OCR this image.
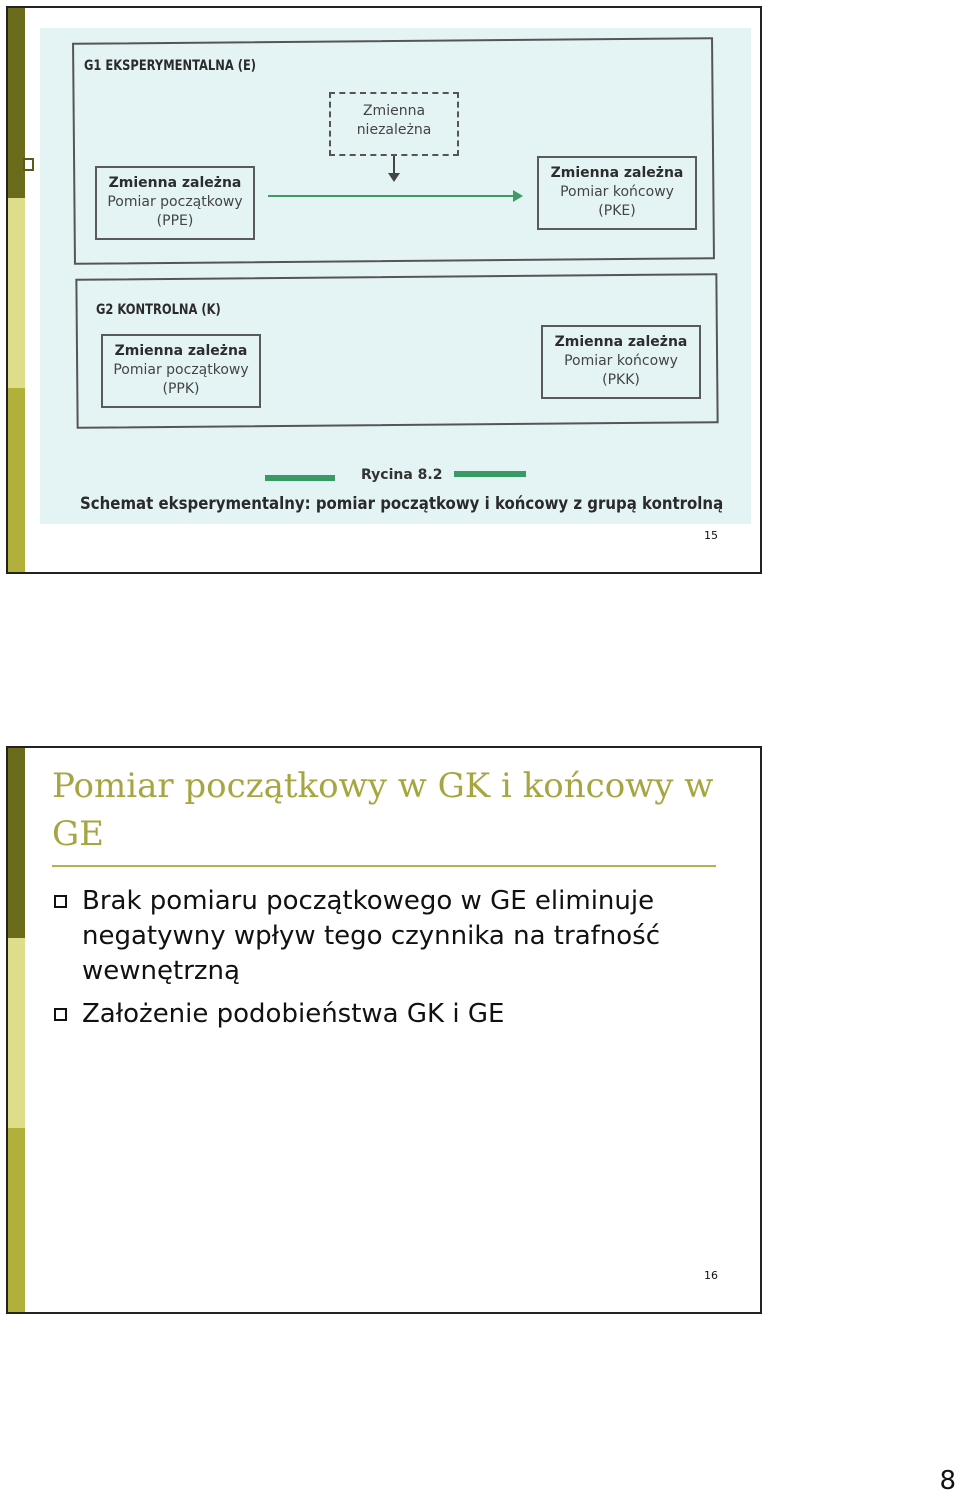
G1 EKSPERYMENTALNA (E)
Zmienna
niezależna
Zmienna zależna
Pomiar początkowy
(PPE)
Zmienna zależna
Pomiar końcowy
(PKE)
G2 KONTROLNA (K)
Zmienna zależna
Pomiar początkowy
(PPK)
Zmienna zależna
Pomiar końcowy
(PKK)
Rycina 8.2
Schemat eksperymentalny: pomiar początkowy i końcowy z grupą kontrolną
15
Pomiar początkowy w GK i końcowy w GE
Brak pomiaru początkowego w GE eliminuje negatywny wpływ tego czynnika na trafność wewnętrzną
Założenie podobieństwa GK i GE
16
8
